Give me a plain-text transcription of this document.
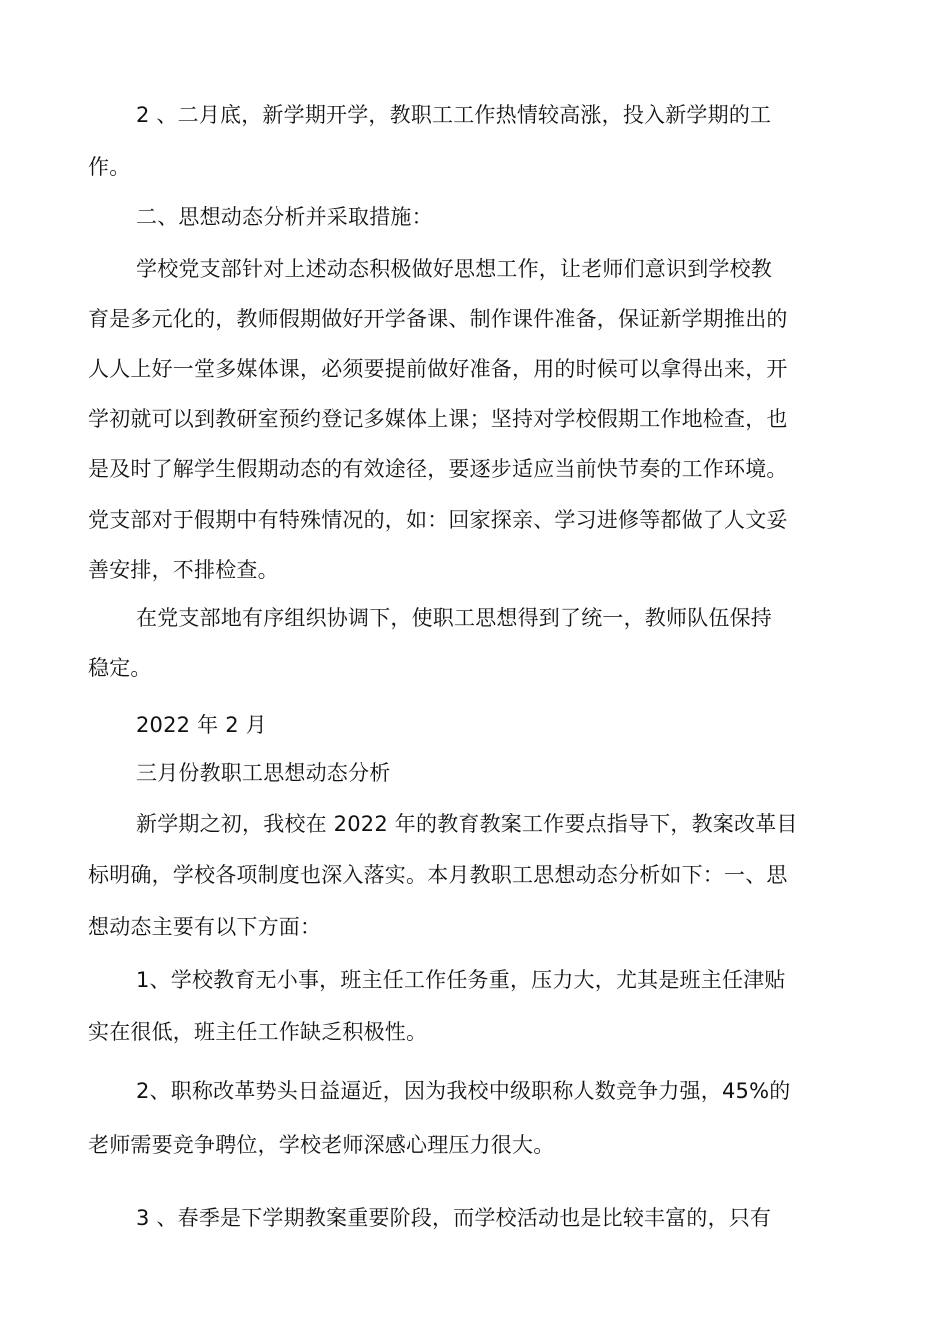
2 、二月底，新学期开学，教职工工作热情较高涨，投入新学期的工
作。
二、思想动态分析并采取措施：
学校党支部针对上述动态积极做好思想工作，让老师们意识到学校教
育是多元化的，教师假期做好开学备课、制作课件准备，保证新学期推出的
人人上好一堂多媒体课，必须要提前做好准备，用的时候可以拿得出来，开
学初就可以到教研室预约登记多媒体上课；坚持对学校假期工作地检查，也
是及时了解学生假期动态的有效途径，要逐步适应当前快节奏的工作环境。
党支部对于假期中有特殊情况的，如：回家探亲、学习进修等都做了人文妥
善安排，不排检查。
在党支部地有序组织协调下，使职工思想得到了统一，教师队伍保持
稳定。
2022 年 2 月
三月份教职工思想动态分析
新学期之初，我校在 2022 年的教育教案工作要点指导下，教案改革目
标明确，学校各项制度也深入落实。本月教职工思想动态分析如下：一、思
想动态主要有以下方面：
1、学校教育无小事，班主任工作任务重，压力大，尤其是班主任津贴
实在很低，班主任工作缺乏积极性。
2、职称改革势头日益逼近，因为我校中级职称人数竞争力强，45%的
老师需要竞争聘位，学校老师深感心理压力很大。
3 、春季是下学期教案重要阶段，而学校活动也是比较丰富的，只有
